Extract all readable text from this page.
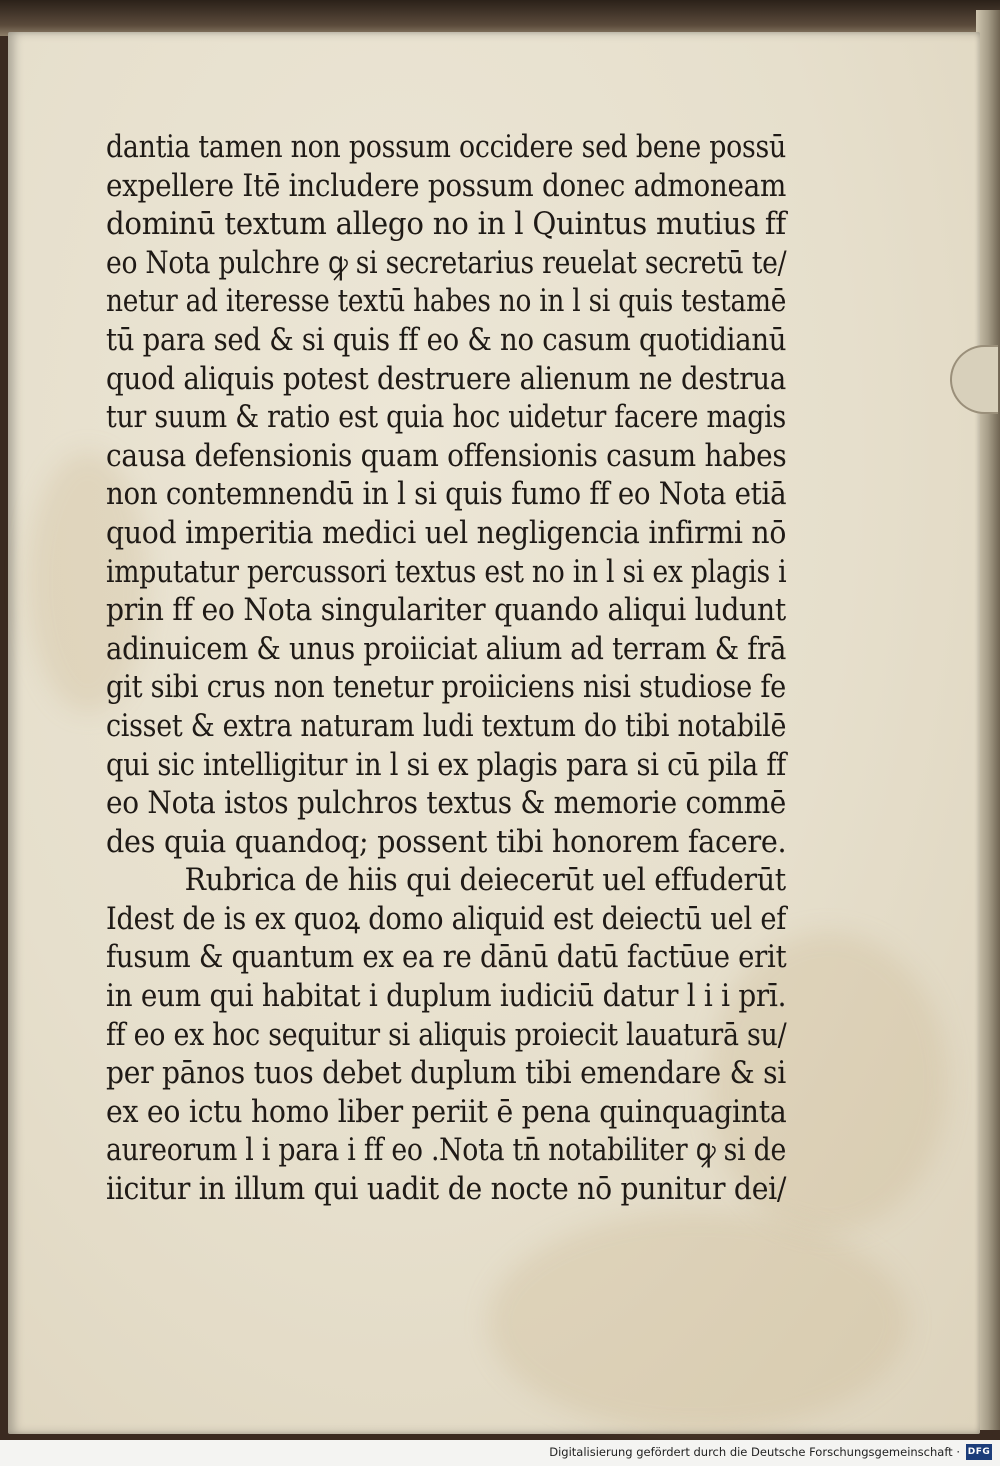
dantia tamen non possum occidere sed bene possū
expellere Itē includere possum donec admoneam
dominū textum allego no in l Quintus mutius ff
eo Nota pulchre ꝙ si secretarius reuelat secretū te/
netur ad iteresse textū habes no in l si quis testamē
tū para sed & si quis ff eo & no casum quotidianū
quod aliquis potest destruere alienum ne destrua
tur suum & ratio est quia hoc uidetur facere magis
causa defensionis quam offensionis casum habes
non contemnendū in l si quis fumo ff eo Nota etiā
quod imperitia medici uel negligencia infirmi nō
imputatur percussori textus est no in l si ex plagis i
prin ff eo Nota singulariter quando aliqui ludunt
adinuicem & unus proiiciat alium ad terram & frā
git sibi crus non tenetur proiiciens nisi studiose fe
cisset & extra naturam ludi textum do tibi notabilē
qui sic intelligitur in l si ex plagis para si cū pila ff
eo Nota istos pulchros textus & memorie commē
des quia quandoq; possent tibi honorem facere.
Rubrica de hiis qui deiecerūt uel effuderūt
Idest de is ex quoꝝ domo aliquid est deiectū uel ef
fusum & quantum ex ea re dānū datū factūue erit
in eum qui habitat i duplum iudiciū datur l i i prī.
ff eo ex hoc sequitur si aliquis proiecit lauaturā su/
per pānos tuos debet duplum tibi emendare & si
ex eo ictu homo liber periit ē pena quinquaginta
aureorum l i para i ff eo .Nota tn̄ notabiliter ꝙ si de
iicitur in illum qui uadit de nocte nō punitur dei/
Digitalisierung gefördert durch die Deutsche Forschungsgemeinschaft · DFG
